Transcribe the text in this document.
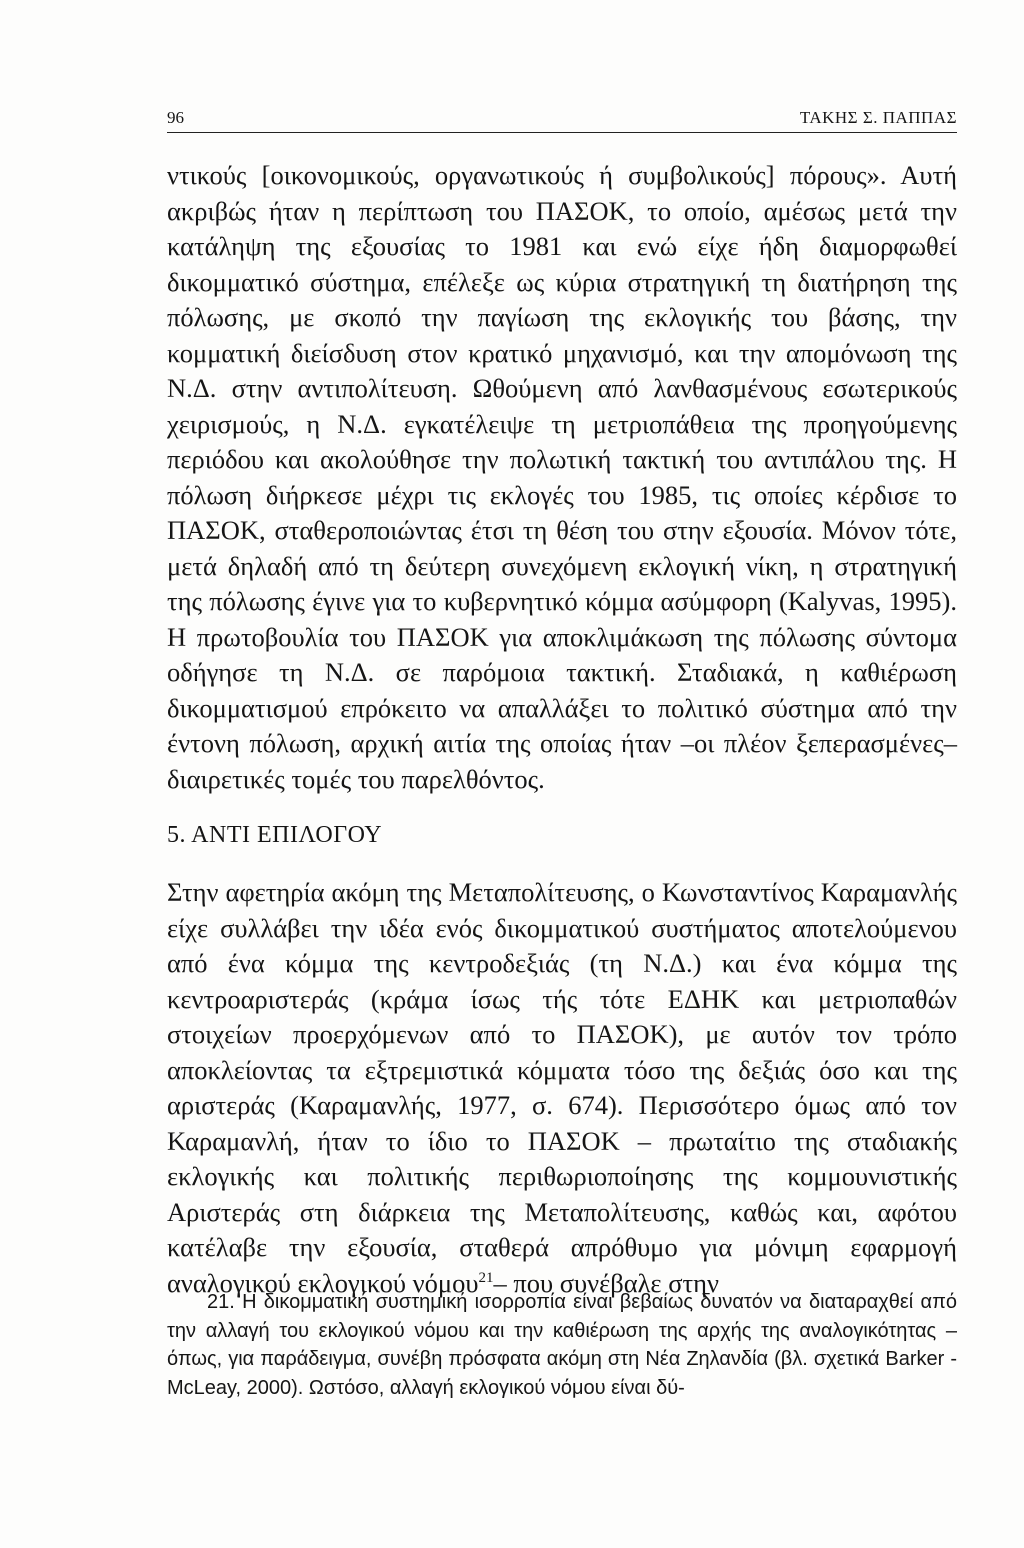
96	ΤΑΚΗΣ Σ. ΠΑΠΠΑΣ

ντικούς [οικονομικούς, οργανωτικούς ή συμβολικούς] πόρους». Αυτή ακριβώς ήταν η περίπτωση του ΠΑΣΟΚ, το οποίο, αμέσως μετά την κατάληψη της εξουσίας το 1981 και ενώ είχε ήδη διαμορφωθεί δικομματικό σύστημα, επέλεξε ως κύρια στρατηγική τη διατήρηση της πόλωσης, με σκοπό την παγίωση της εκλογικής του βάσης, την κομματική διείσδυση στον κρατικό μηχανισμό, και την απομόνωση της Ν.Δ. στην αντιπολίτευση. Ωθούμενη από λανθασμένους εσωτερικούς χειρισμούς, η Ν.Δ. εγκατέλειψε τη μετριοπάθεια της προηγούμενης περιόδου και ακολούθησε την πολωτική τακτική του αντιπάλου της. Η πόλωση διήρκεσε μέχρι τις εκλογές του 1985, τις οποίες κέρδισε το ΠΑΣΟΚ, σταθεροποιώντας έτσι τη θέση του στην εξουσία. Μόνον τότε, μετά δηλαδή από τη δεύτερη συνεχόμενη εκλογική νίκη, η στρατηγική της πόλωσης έγινε για το κυβερνητικό κόμμα ασύμφορη (Kalyvas, 1995). Η πρωτοβουλία του ΠΑΣΟΚ για αποκλιμάκωση της πόλωσης σύντομα οδήγησε τη Ν.Δ. σε παρόμοια τακτική. Σταδιακά, η καθιέρωση δικομματισμού επρόκειτο να απαλλάξει το πολιτικό σύστημα από την έντονη πόλωση, αρχική αιτία της οποίας ήταν –οι πλέον ξεπερασμένες– διαιρετικές τομές του παρελθόντος.

5. ΑΝΤΙ ΕΠΙΛΟΓΟΥ

Στην αφετηρία ακόμη της Μεταπολίτευσης, ο Κωνσταντίνος Καραμανλής είχε συλλάβει την ιδέα ενός δικομματικού συστήματος αποτελούμενου από ένα κόμμα της κεντροδεξιάς (τη Ν.Δ.) και ένα κόμμα της κεντροαριστεράς (κράμα ίσως τής τότε ΕΔΗΚ και μετριοπαθών στοιχείων προερχόμενων από το ΠΑΣΟΚ), με αυτόν τον τρόπο αποκλείοντας τα εξτρεμιστικά κόμματα τόσο της δεξιάς όσο και της αριστεράς (Καραμανλής, 1977, σ. 674). Περισσότερο όμως από τον Καραμανλή, ήταν το ίδιο το ΠΑΣΟΚ – πρωταίτιο της σταδιακής εκλογικής και πολιτικής περιθωριοποίησης της κομμουνιστικής Αριστεράς στη διάρκεια της Μεταπολίτευσης, καθώς και, αφότου κατέλαβε την εξουσία, σταθερά απρόθυμο για μόνιμη εφαρμογή αναλογικού εκλογικού νόμου$^{21}$– που συνέβαλε στην

21. Η δικομματική συστημική ισορροπία είναι βεβαίως δυνατόν να διαταραχθεί από την αλλαγή του εκλογικού νόμου και την καθιέρωση της αρχής της αναλογικότητας –όπως, για παράδειγμα, συνέβη πρόσφατα ακόμη στη Νέα Ζηλανδία (βλ. σχετικά Barker - McLeay, 2000). Ωστόσο, αλλαγή εκλογικού νόμου είναι δύ-
